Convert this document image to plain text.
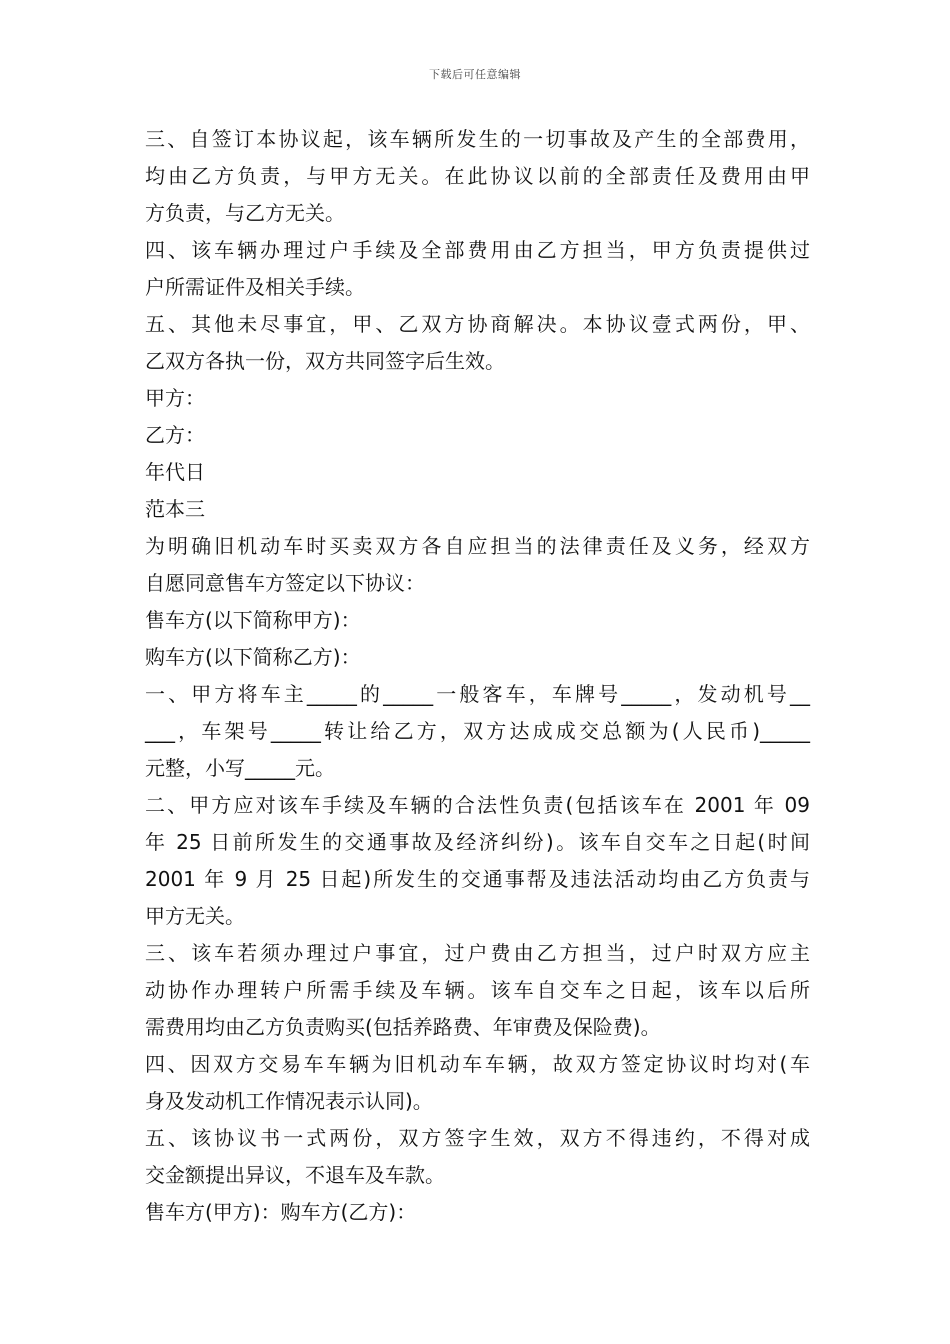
下载后可任意编辑
三、自签订本协议起，该车辆所发生的一切事故及产生的全部费用，
均由乙方负责，与甲方无关。在此协议以前的全部责任及费用由甲
方负责，与乙方无关。
四、该车辆办理过户手续及全部费用由乙方担当，甲方负责提供过
户所需证件及相关手续。
五、其他未尽事宜，甲、乙双方协商解决。本协议壹式两份，甲、
乙双方各执一份，双方共同签字后生效。
甲方：
乙方：
年代日
范本三
为明确旧机动车时买卖双方各自应担当的法律责任及义务，经双方
自愿同意售车方签定以下协议：
售车方(以下简称甲方)：
购车方(以下简称乙方)：
一、甲方将车主_____的_____一般客车，车牌号_____，发动机号__
___，车架号_____转让给乙方，双方达成成交总额为(人民币)_____
元整，小写_____元。
二、甲方应对该车手续及车辆的合法性负责(包括该车在 2001 年 09
年 25 日前所发生的交通事故及经济纠纷)。该车自交车之日起(时间
2001 年 9 月 25 日起)所发生的交通事帮及违法活动均由乙方负责与
甲方无关。
三、该车若须办理过户事宜，过户费由乙方担当，过户时双方应主
动协作办理转户所需手续及车辆。该车自交车之日起，该车以后所
需费用均由乙方负责购买(包括养路费、年审费及保险费)。
四、因双方交易车车辆为旧机动车车辆，故双方签定协议时均对(车
身及发动机工作情况表示认同)。
五、该协议书一式两份，双方签字生效，双方不得违约，不得对成
交金额提出异议，不退车及车款。
售车方(甲方)：购车方(乙方)：
